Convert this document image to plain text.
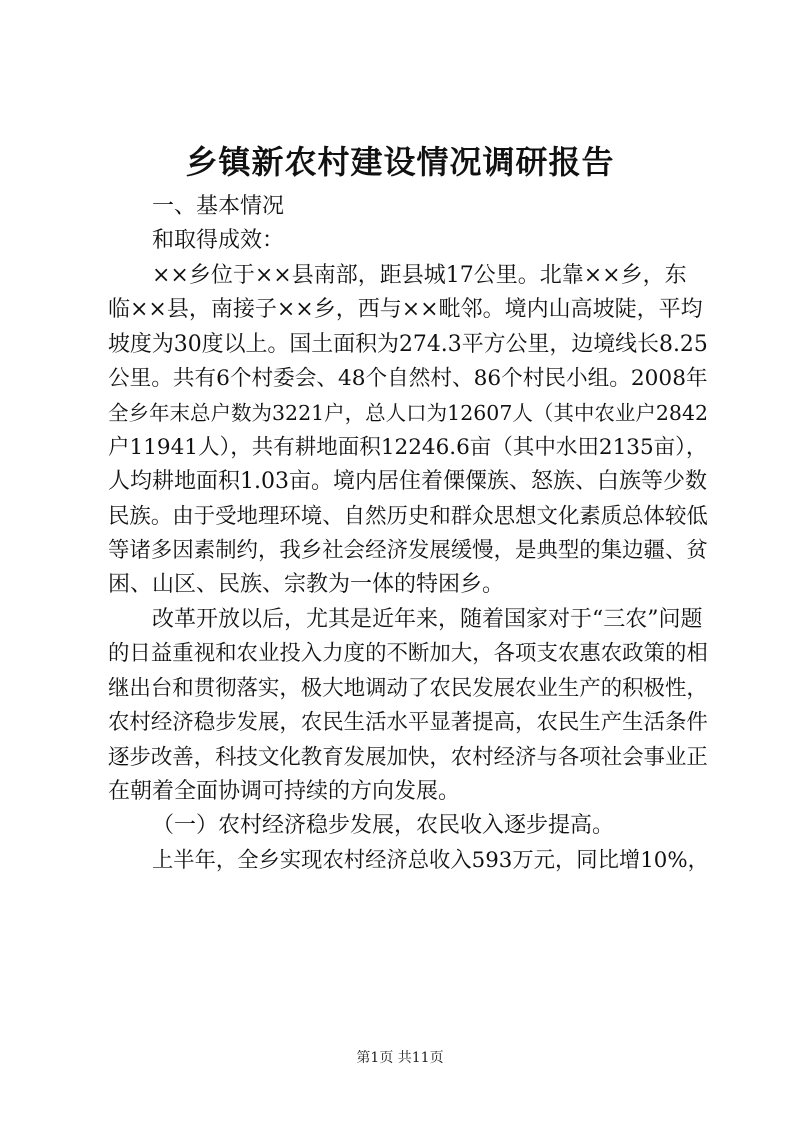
乡镇新农村建设情况调研报告
一、基本情况
和取得成效：
××乡位于××县南部，距县城17公里。北靠××乡，东
临××县，南接子××乡，西与××毗邻。境内山高坡陡，平均
坡度为30度以上。国土面积为274.3平方公里，边境线长8.25
公里。共有6个村委会、48个自然村、86个村民小组。2008年
全乡年末总户数为3221户，总人口为12607人（其中农业户2842
户11941人），共有耕地面积12246.6亩（其中水田2135亩），
人均耕地面积1.03亩。境内居住着傈僳族、怒族、白族等少数
民族。由于受地理环境、自然历史和群众思想文化素质总体较低
等诸多因素制约，我乡社会经济发展缓慢，是典型的集边疆、贫
困、山区、民族、宗教为一体的特困乡。
改革开放以后，尤其是近年来，随着国家对于“三农”问题
的日益重视和农业投入力度的不断加大，各项支农惠农政策的相
继出台和贯彻落实，极大地调动了农民发展农业生产的积极性，
农村经济稳步发展，农民生活水平显著提高，农民生产生活条件
逐步改善，科技文化教育发展加快，农村经济与各项社会事业正
在朝着全面协调可持续的方向发展。
（一）农村经济稳步发展，农民收入逐步提高。
上半年，全乡实现农村经济总收入593万元，同比增10%，
第1页 共11页
